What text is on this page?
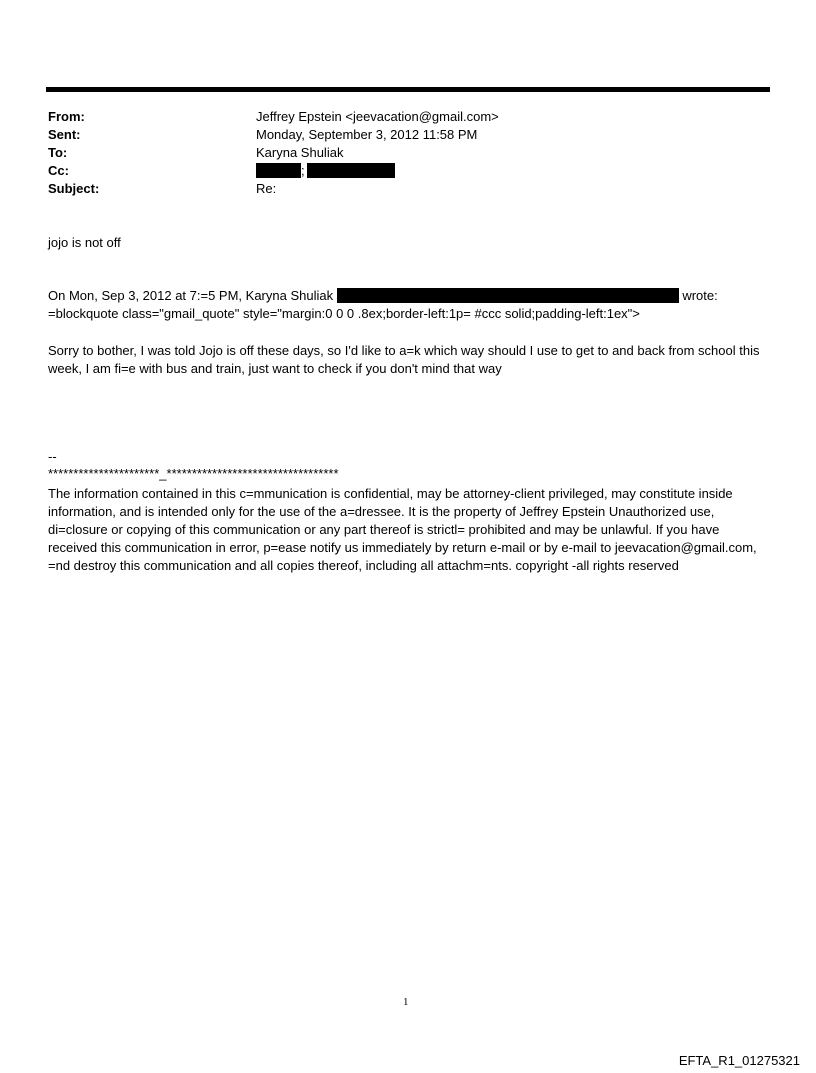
From:	Jeffrey Epstein <jeevacation@gmail.com>
Sent:	Monday, September 3, 2012 11:58 PM
To:	Karyna Shuliak
Cc:	;
Subject:	Re:
jojo is not off
On Mon, Sep 3, 2012 at 7:=5 PM, Karyna Shuliak	wrote:
=blockquote class="gmail_quote" style="margin:0 0 0 .8ex;border-left:1p= #ccc solid;padding-left:1ex">
Sorry to bother, I was told Jojo is off these days, so I'd like to a=k which way should I use to get to and back from school this week, I am fi=e with bus and train, just want to check if you don't mind that way
--
**********************_**********************************
The information contained in this c=mmunication is confidential, may be attorney-client privileged, may constitute inside information, and is intended only for the use of the a=dressee. It is the property of Jeffrey Epstein Unauthorized use, di=closure or copying of this communication or any part thereof is strictl= prohibited and may be unlawful. If you have received this communication in error, p=ease notify us immediately by return e-mail or by e-mail to jeevacation@gmail.com, =nd destroy this communication and all copies thereof, including all attachm=nts. copyright -all rights reserved
1
EFTA_R1_01275321
